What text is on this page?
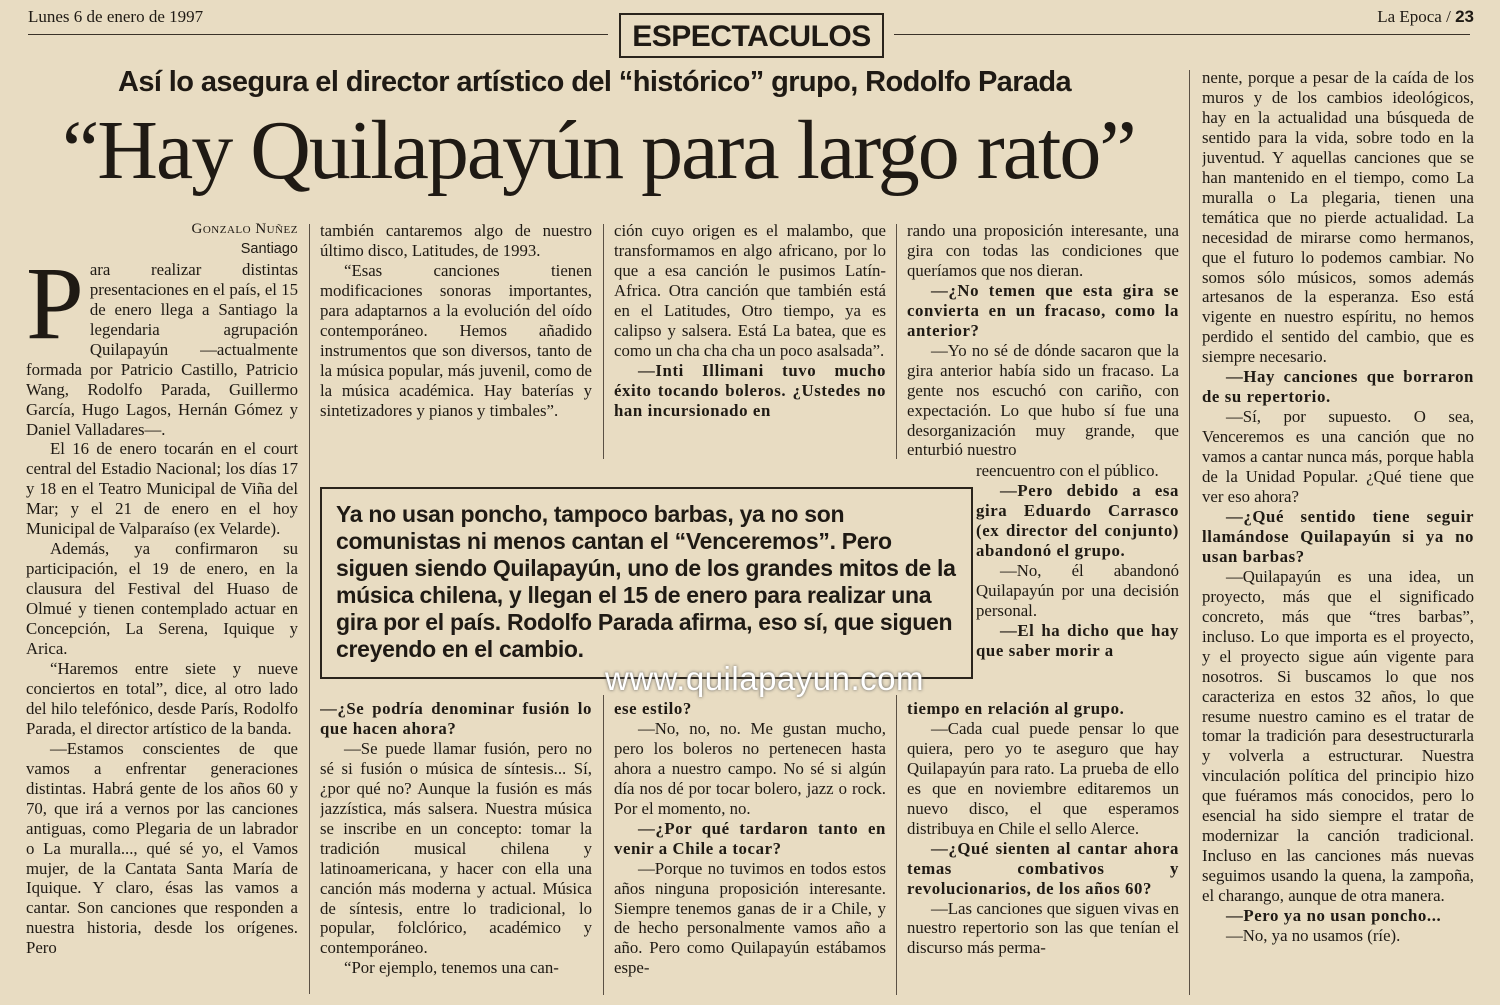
Lunes 6 de enero de 1997
ESPECTACULOS
La Epoca / 23
Así lo asegura el director artístico del “histórico” grupo, Rodolfo Parada
“Hay Quilapayún para largo rato”
Gonzalo Nuñez
Santiago

Para realizar distintas presentaciones en el país, el 15 de enero llega a Santiago la legendaria agrupación Quilapayún —actualmente formada por Patricio Castillo, Patricio Wang, Rodolfo Parada, Guillermo García, Hugo Lagos, Hernán Gómez y Daniel Valladares—.

El 16 de enero tocarán en el court central del Estadio Nacional; los días 17 y 18 en el Teatro Municipal de Viña del Mar; y el 21 de enero en el hoy Municipal de Valparaíso (ex Velarde).

Además, ya confirmaron su participación, el 19 de enero, en la clausura del Festival del Huaso de Olmué y tienen contemplado actuar en Concepción, La Serena, Iquique y Arica.

“Haremos entre siete y nueve conciertos en total”, dice, al otro lado del hilo telefónico, desde París, Rodolfo Parada, el director artístico de la banda.

—Estamos conscientes de que vamos a enfrentar generaciones distintas. Habrá gente de los años 60 y 70, que irá a vernos por las canciones antiguas, como Plegaria de un labrador o La muralla..., qué sé yo, el Vamos mujer, de la Cantata Santa María de Iquique. Y claro, ésas las vamos a cantar. Son canciones que responden a nuestra historia, desde los orígenes. Pero

también cantaremos algo de nuestro último disco, Latitudes, de 1993.

“Esas canciones tienen modificaciones sonoras importantes, para adaptarnos a la evolución del oído contemporáneo. Hemos añadido instrumentos que son diversos, tanto de la música popular, más juvenil, como de la música académica. Hay baterías y sintetizadores y pianos y timbales”.

ción cuyo origen es el malambo, que transformamos en algo africano, por lo que a esa canción le pusimos Latín-Africa. Otra canción que también está en el Latitudes, Otro tiempo, ya es calipso y salsera. Está La batea, que es como un cha cha cha un poco asalsada”.

—Inti Illimani tuvo mucho éxito tocando boleros. ¿Ustedes no han incursionado en

rando una proposición interesante, una gira con todas las condiciones que queríamos que nos dieran.

—¿No temen que esta gira se convierta en un fracaso, como la anterior?

—Yo no sé de dónde sacaron que la gira anterior había sido un fracaso. La gente nos escuchó con cariño, con expectación. Lo que hubo sí fue una desorganización muy grande, que enturbió nuestro

reencuentro con el público.

—Pero debido a esa gira Eduardo Carrasco (ex director del conjunto) abandonó el grupo.

—No, él abandonó Quilapayún por una decisión personal.

—El ha dicho que hay que saber morir a

Ya no usan poncho, tampoco barbas, ya no son comunistas ni menos cantan el “Venceremos”. Pero siguen siendo Quilapayún, uno de los grandes mitos de la música chilena, y llegan el 15 de enero para realizar una gira por el país. Rodolfo Parada afirma, eso sí, que siguen creyendo en el cambio.

—¿Se podría denominar fusión lo que hacen ahora?

—Se puede llamar fusión, pero no sé si fusión o música de síntesis... Sí, ¿por qué no? Aunque la fusión es más jazzística, más salsera. Nuestra música se inscribe en un concepto: tomar la tradición musical chilena y latinoamericana, y hacer con ella una canción más moderna y actual. Música de síntesis, entre lo tradicional, lo popular, folclórico, académico y contemporáneo.

“Por ejemplo, tenemos una can-

ese estilo?

—No, no, no. Me gustan mucho, pero los boleros no pertenecen hasta ahora a nuestro campo. No sé si algún día nos dé por tocar bolero, jazz o rock. Por el momento, no.

—¿Por qué tardaron tanto en venir a Chile a tocar?

—Porque no tuvimos en todos estos años ninguna proposición interesante. Siempre tenemos ganas de ir a Chile, y de hecho personalmente vamos año a año. Pero como Quilapayún estábamos espe-

tiempo en relación al grupo.

—Cada cual puede pensar lo que quiera, pero yo te aseguro que hay Quilapayún para rato. La prueba de ello es que en noviembre editaremos un nuevo disco, el que esperamos distribuya en Chile el sello Alerce.

—¿Qué sienten al cantar ahora temas combativos y revolucionarios, de los años 60?

—Las canciones que siguen vivas en nuestro repertorio son las que tenían el discurso más perma-

nente, porque a pesar de la caída de los muros y de los cambios ideológicos, hay en la actualidad una búsqueda de sentido para la vida, sobre todo en la juventud. Y aquellas canciones que se han mantenido en el tiempo, como La muralla o La plegaria, tienen una temática que no pierde actualidad. La necesidad de mirarse como hermanos, que el futuro lo podemos cambiar. No somos sólo músicos, somos además artesanos de la esperanza. Eso está vigente en nuestro espíritu, no hemos perdido el sentido del cambio, que es siempre necesario.

—Hay canciones que borraron de su repertorio.

—Sí, por supuesto. O sea, Venceremos es una canción que no vamos a cantar nunca más, porque habla de la Unidad Popular. ¿Qué tiene que ver eso ahora?

—¿Qué sentido tiene seguir llamándose Quilapayún si ya no usan barbas?

—Quilapayún es una idea, un proyecto, más que el significado concreto, más que “tres barbas”, incluso. Lo que importa es el proyecto, y el proyecto sigue aún vigente para nosotros. Si buscamos lo que nos caracteriza en estos 32 años, lo que resume nuestro camino es el tratar de tomar la tradición para desestructurarla y volverla a estructurar. Nuestra vinculación política del principio hizo que fuéramos más conocidos, pero lo esencial ha sido siempre el tratar de modernizar la canción tradicional. Incluso en las canciones más nuevas seguimos usando la quena, la zampoña, el charango, aunque de otra manera.

—Pero ya no usan poncho...

—No, ya no usamos (ríe).

www.quilapayun.com
